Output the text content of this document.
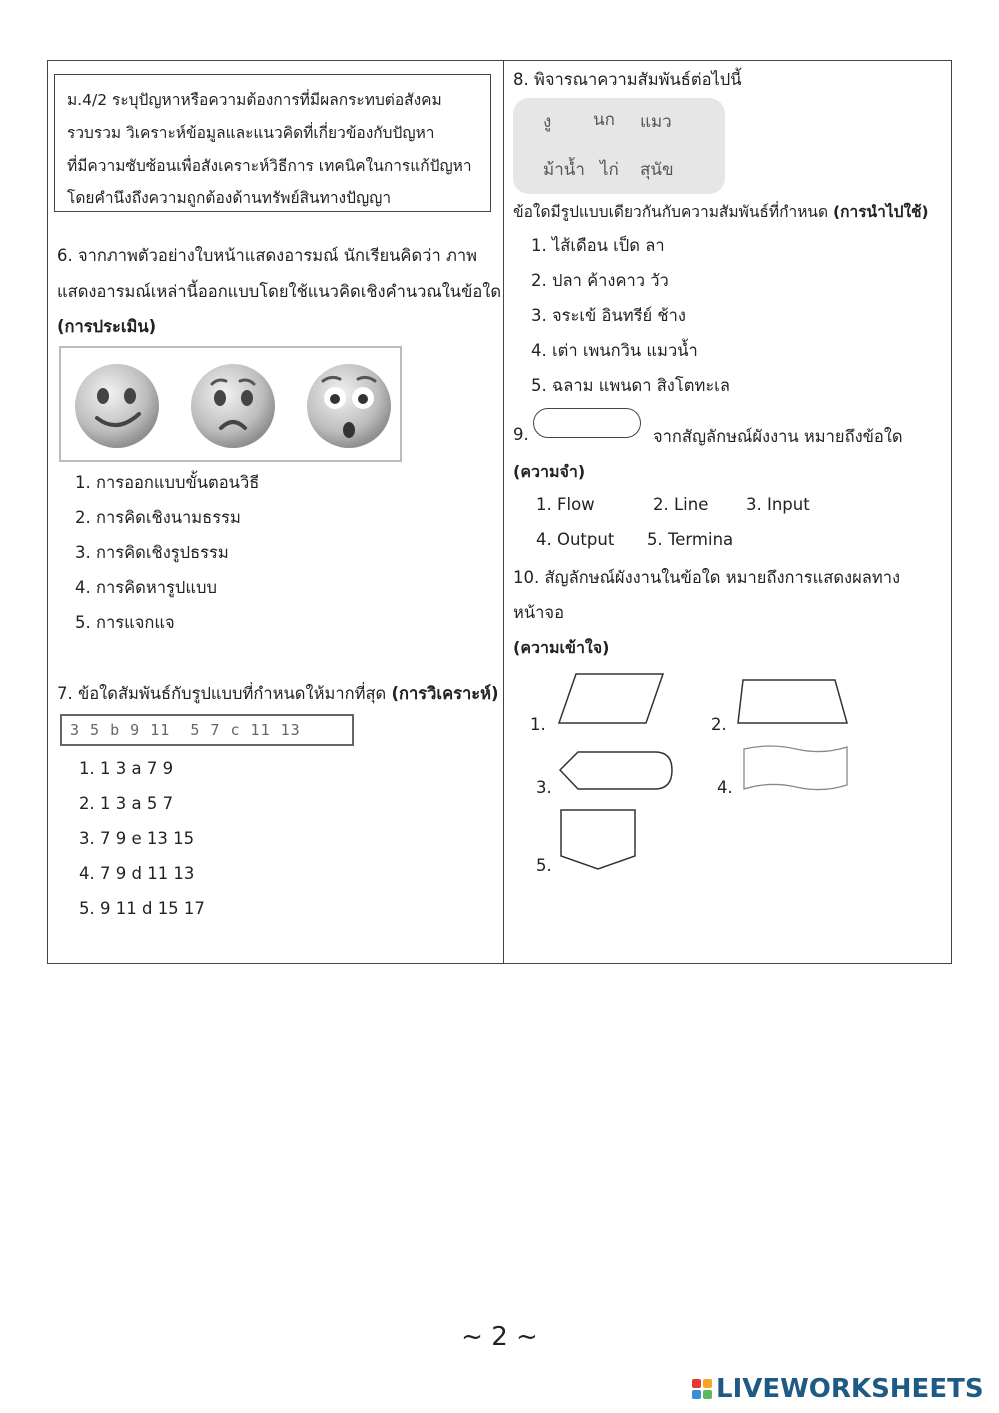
ม.4/2 ระบุปัญหาหรือความต้องการที่มีผลกระทบต่อสังคม
รวบรวม วิเคราะห์ข้อมูลและแนวคิดที่เกี่ยวข้องกับปัญหา
ที่มีความซับซ้อนเพื่อสังเคราะห์วิธีการ เทคนิคในการแก้ปัญหา
โดยคำนึงถึงความถูกต้องด้านทรัพย์สินทางปัญญา
6. จากภาพตัวอย่างใบหน้าแสดงอารมณ์ นักเรียนคิดว่า ภาพ
แสดงอารมณ์เหล่านี้ออกแบบโดยใช้แนวคิดเชิงคำนวณในข้อใด
(การประเมิน)
1. การออกแบบขั้นตอนวิธี
2. การคิดเชิงนามธรรม
3. การคิดเชิงรูปธรรม
4. การคิดหารูปแบบ
5. การแจกแจ
7. ข้อใดสัมพันธ์กับรูปแบบที่กำหนดให้มากที่สุด (การวิเคราะห์)
3 5 b 9 11  5 7 c 11 13
1. 1 3 a 7 9
2. 1 3 a 5 7
3. 7 9 e 13 15
4. 7 9 d 11 13
5. 9 11 d 15 17
8. พิจารณาความสัมพันธ์ต่อไปนี้
งู นก แมว
ม้าน้ำ ไก่ สุนัข
ข้อใดมีรูปแบบเดียวกันกับความสัมพันธ์ที่กำหนด (การนำไปใช้)
1. ไส้เดือน เป็ด ลา
2. ปลา ค้างคาว วัว
3. จระเข้ อินทรีย์ ช้าง
4. เต่า เพนกวิน แมวน้ำ
5. ฉลาม แพนดา สิงโตทะเล
9.	จากสัญลักษณ์ผังงาน หมายถึงข้อใด
(ความจำ)
1. Flow	2. Line 3. Input
4. Output 5. Termina
10. สัญลักษณ์ผังงานในข้อใด หมายถึงการแสดงผลทาง
หน้าจอ
(ความเข้าใจ)
1.	2.
3.	4.
5.
~ 2 ~
LIVEWORKSHEETS
